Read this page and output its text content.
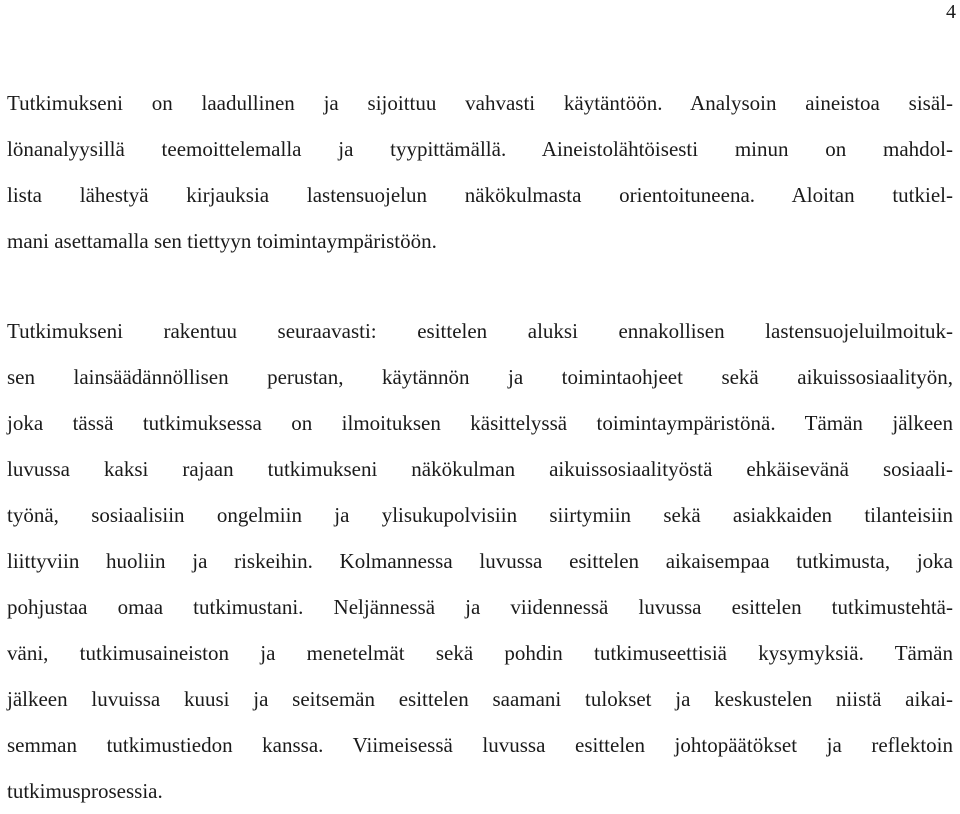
4
Tutkimukseni on laadullinen ja sijoittuu vahvasti käytäntöön. Analysoin aineistoa sisäl-
lönanalyysillä teemoittelemalla ja tyypittämällä. Aineistolähtöisesti minun on mahdol-
lista lähestyä kirjauksia lastensuojelun näkökulmasta orientoituneena. Aloitan tutkiel-
mani asettamalla sen tiettyyn toimintaympäristöön.
Tutkimukseni rakentuu seuraavasti: esittelen aluksi ennakollisen lastensuojeluilmoituk-
sen lainsäädännöllisen perustan, käytännön ja toimintaohjeet sekä aikuissosiaalityön,
joka tässä tutkimuksessa on ilmoituksen käsittelyssä toimintaympäristönä. Tämän jälkeen
luvussa kaksi rajaan tutkimukseni näkökulman aikuissosiaalityöstä ehkäisevänä sosiaali-
työnä, sosiaalisiin ongelmiin ja ylisukupolvisiin siirtymiin sekä asiakkaiden tilanteisiin
liittyviin huoliin ja riskeihin. Kolmannessa luvussa esittelen aikaisempaa tutkimusta, joka
pohjustaa omaa tutkimustani. Neljännessä ja viidennessä luvussa esittelen tutkimustehtä-
väni, tutkimusaineiston ja menetelmät sekä pohdin tutkimuseettisiä kysymyksiä. Tämän
jälkeen luvuissa kuusi ja seitsemän esittelen saamani tulokset ja keskustelen niistä aikai-
semman tutkimustiedon kanssa. Viimeisessä luvussa esittelen johtopäätökset ja reflektoin
tutkimusprosessia.
